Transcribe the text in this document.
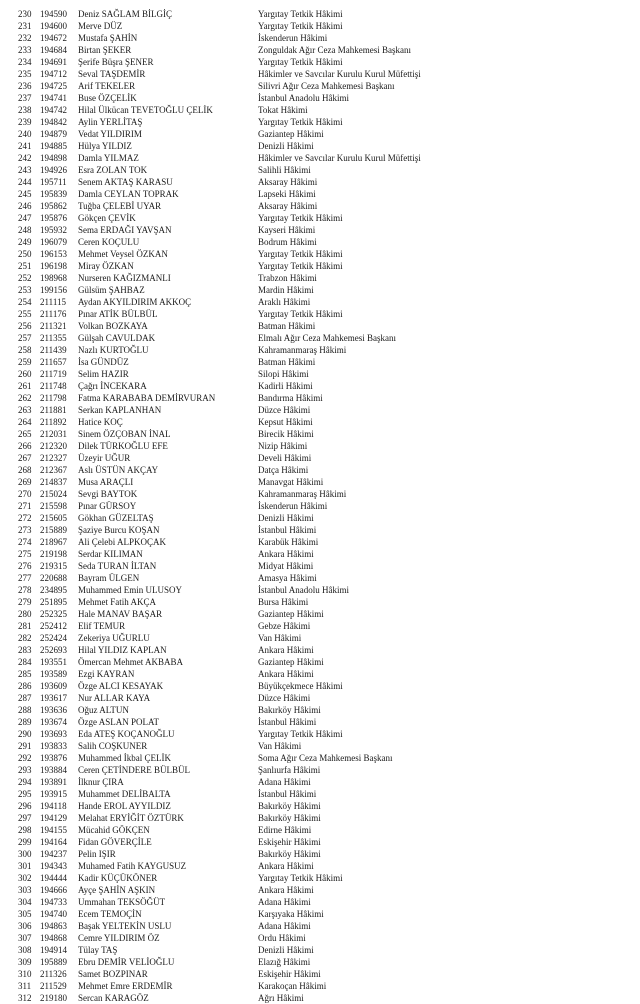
230 194590	Deniz SAĞLAM BİLGİÇ	Yargıtay Tetkik Hâkimi
231 194600	Merve DÜZ	Yargıtay Tetkik Hâkimi
232 194672	Mustafa ŞAHİN	İskenderun Hâkimi
233 194684	Birtan ŞEKER	Zonguldak Ağır Ceza Mahkemesi Başkanı
234 194691	Şerife Büşra ŞENER	Yargıtay Tetkik Hâkimi
235 194712	Seval TAŞDEMİR	Hâkimler ve Savcılar Kurulu Kurul Müfettişi
236 194725	Arif TEKELER	Silivri Ağır Ceza Mahkemesi Başkanı
237 194741	Buse ÖZÇELİK	İstanbul Anadolu Hâkimi
238 194742	Hilal Ülkücan TEVETOĞLU ÇELİK	Tokat Hâkimi
239 194842	Aylin YERLİTAŞ	Yargıtay Tetkik Hâkimi
240 194879	Vedat YILDIRIM	Gaziantep Hâkimi
241 194885	Hülya YILDIZ	Denizli Hâkimi
242 194898	Damla YILMAZ	Hâkimler ve Savcılar Kurulu Kurul Müfettişi
243 194926	Esra ZOLAN TOK	Salihli Hâkimi
244 195711	Senem AKTAŞ KARASU	Aksaray Hâkimi
245 195839	Damla CEYLAN TOPRAK	Lapseki Hâkimi
246 195862	Tuğba ÇELEBİ UYAR	Aksaray Hâkimi
247 195876	Gökçen ÇEVİK	Yargıtay Tetkik Hâkimi
248 195932	Sema ERDAĞI YAVŞAN	Kayseri Hâkimi
249 196079	Ceren KOÇULU	Bodrum Hâkimi
250 196153	Mehmet Veysel ÖZKAN	Yargıtay Tetkik Hâkimi
251 196198	Miray ÖZKAN	Yargıtay Tetkik Hâkimi
252 198968	Nurseren KAĞIZMANLI	Trabzon Hâkimi
253 199156	Gülsüm ŞAHBAZ	Mardin Hâkimi
254 211115	Aydan AKYILDIRIM AKKOÇ	Araklı Hâkimi
255 211176	Pınar ATİK BÜLBÜL	Yargıtay Tetkik Hâkimi
256 211321	Volkan BOZKAYA	Batman Hâkimi
257 211355	Gülşah CAVULDAK	Elmalı Ağır Ceza Mahkemesi Başkanı
258 211439	Nazlı KURTOĞLU	Kahramanmaraş Hâkimi
259 211657	İsa GÜNDÜZ	Batman Hâkimi
260 211719	Selim HAZIR	Silopi Hâkimi
261 211748	Çağrı İNCEKARA	Kadirli Hâkimi
262 211798	Fatma KARABABA DEMİRVURAN	Bandırma Hâkimi
263 211881	Serkan KAPLANHAN	Düzce Hâkimi
264 211892	Hatice KOÇ	Kepsut Hâkimi
265 212031	Sinem ÖZÇOBAN İNAL	Birecik Hâkimi
266 212320	Dilek TÜRKOĞLU EFE	Nizip Hâkimi
267 212327	Üzeyir UĞUR	Develi Hâkimi
268 212367	Aslı ÜSTÜN AKÇAY	Datça Hâkimi
269 214837	Musa ARAÇLI	Manavgat Hâkimi
270 215024	Sevgi BAYTOK	Kahramanmaraş Hâkimi
271 215598	Pınar GÜRSOY	İskenderun Hâkimi
272 215605	Gökhan GÜZELTAŞ	Denizli Hâkimi
273 215889	Şaziye Burcu KOŞAN	İstanbul Hâkimi
274 218967	Ali Çelebi ALPKOÇAK	Karabük Hâkimi
275 219198	Serdar KILIMAN	Ankara Hâkimi
276 219315	Seda TURAN İLTAN	Midyat Hâkimi
277 220688	Bayram ÜLGEN	Amasya Hâkimi
278 234895	Muhammed Emin ULUSOY	İstanbul Anadolu Hâkimi
279 251895	Mehmet Fatih AKÇA	Bursa Hâkimi
280 252325	Hale MANAV BAŞAR	Gaziantep Hâkimi
281 252412	Elif TEMUR	Gebze Hâkimi
282 252424	Zekeriya UĞURLU	Van Hâkimi
283 252693	Hilal YILDIZ KAPLAN	Ankara Hâkimi
284 193551	Ömercan Mehmet AKBABA	Gaziantep Hâkimi
285 193589	Ezgi KAYRAN	Ankara Hâkimi
286 193609	Özge ALCI KESAYAK	Büyükçekmece Hâkimi
287 193617	Nur ALLAR KAYA	Düzce Hâkimi
288 193636	Oğuz ALTUN	Bakırköy Hâkimi
289 193674	Özge ASLAN POLAT	İstanbul Hâkimi
290 193693	Eda ATEŞ KOÇANOĞLU	Yargıtay Tetkik Hâkimi
291 193833	Salih COŞKUNER	Van Hâkimi
292 193876	Muhammed İkbal ÇELİK	Soma Ağır Ceza Mahkemesi Başkanı
293 193884	Ceren ÇETİNDERE BÜLBÜL	Şanlıurfa Hâkimi
294 193891	İlknur ÇIRA	Adana Hâkimi
295 193915	Muhammet DELİBALTA	İstanbul Hâkimi
296 194118	Hande EROL AYYILDIZ	Bakırköy Hâkimi
297 194129	Melahat ERYİĞİT ÖZTÜRK	Bakırköy Hâkimi
298 194155	Mücahid GÖKÇEN	Edirne Hâkimi
299 194164	Fidan GÖVERÇİLE	Eskişehir Hâkimi
300 194237	Pelin IŞIR	Bakırköy Hâkimi
301 194343	Muhamed Fatih KAYGUSUZ	Ankara Hâkimi
302 194444	Kadir KÜÇÜKÖNER	Yargıtay Tetkik Hâkimi
303 194666	Ayçe ŞAHİN AŞKIN	Ankara Hâkimi
304 194733	Ummahan TEKSÖĞÜT	Adana Hâkimi
305 194740	Ecem TEMOÇİN	Karşıyaka Hâkimi
306 194863	Başak YELTEKİN USLU	Adana Hâkimi
307 194868	Cemre YILDIRIM ÖZ	Ordu Hâkimi
308 194914	Tülay TAŞ	Denizli Hâkimi
309 195889	Ebru DEMİR VELİOĞLU	Elazığ Hâkimi
310 211326	Samet BOZPINAR	Eskişehir Hâkimi
311 211529	Mehmet Emre ERDEMİR	Karakoçan Hâkimi
312 219180	Sercan KARAGÖZ	Ağrı Hâkimi
